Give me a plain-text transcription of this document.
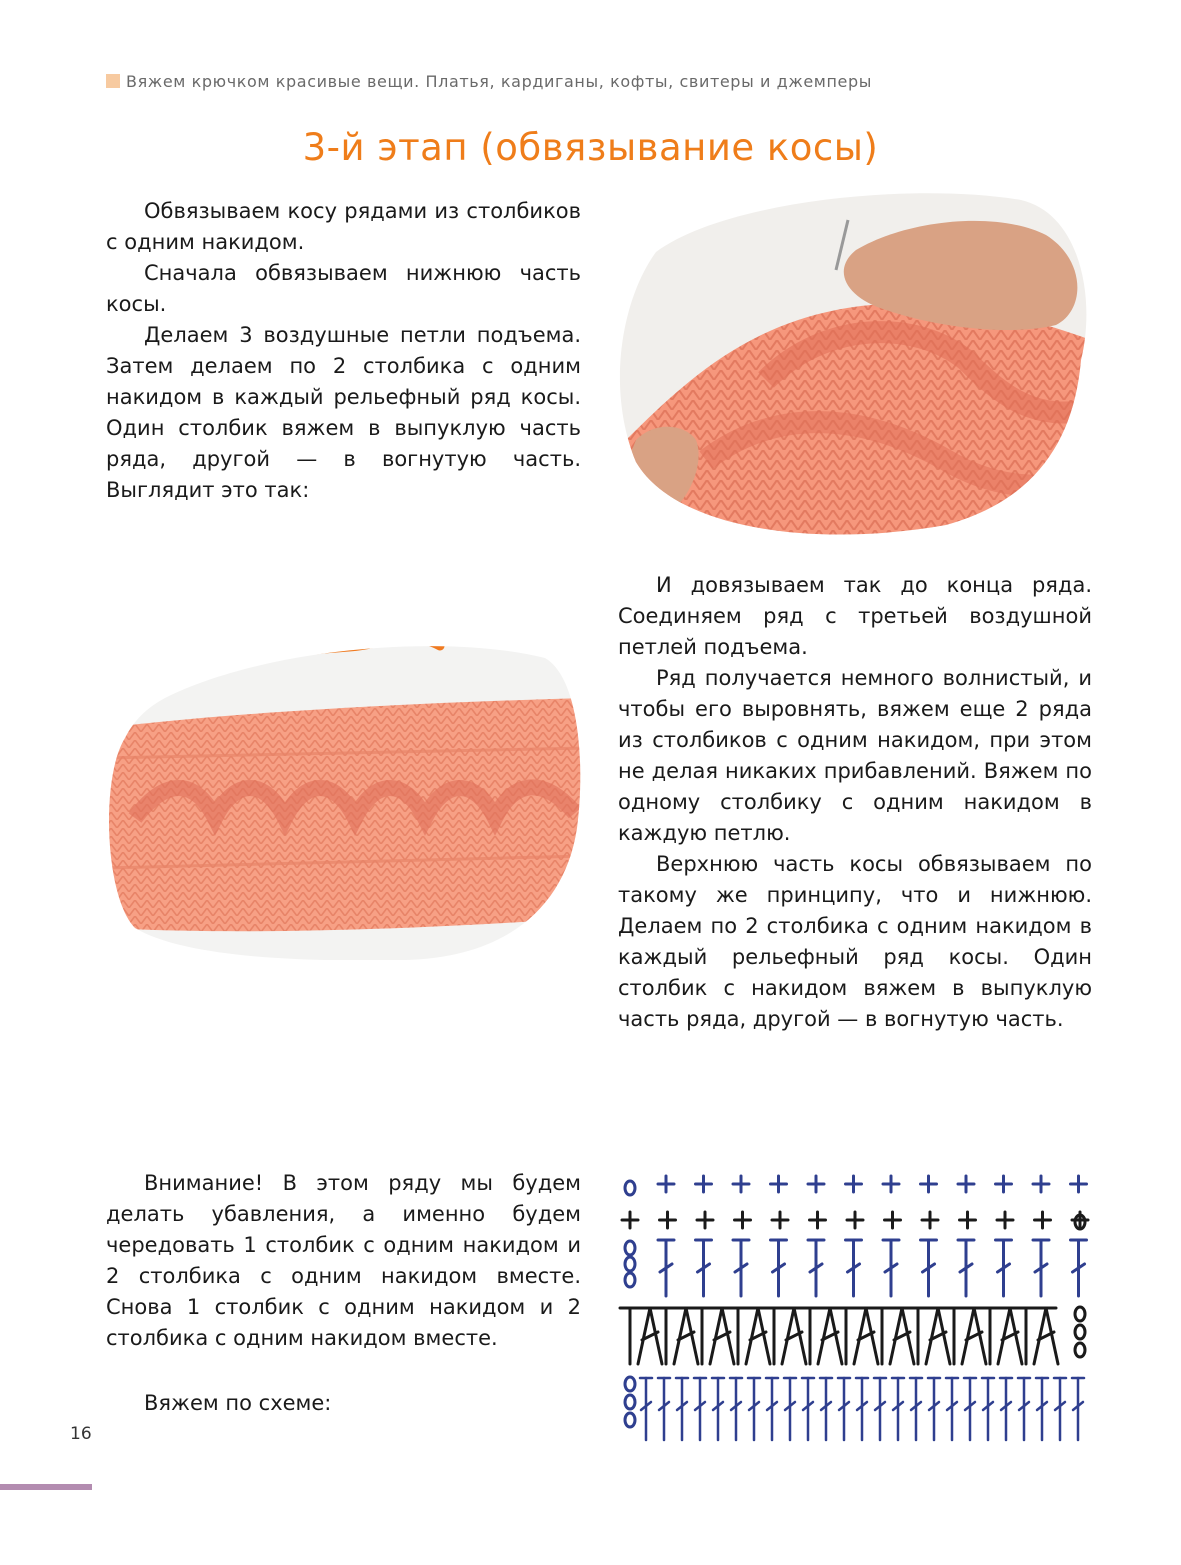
Вяжем крючком красивые вещи. Платья, кардиганы, кофты, свитеры и джемперы
3-й этап (обвязывание косы)

Обвязываем косу рядами из столбиков с одним накидом.

Сначала обвязываем нижнюю часть косы.

Делаем 3 воздушные петли подъема. Затем делаем по 2 столбика с одним накидом в каждый рельефный ряд косы. Один столбик вяжем в выпуклую часть ряда, другой — в вогнутую часть. Выглядит это так:

И довязываем так до конца ряда. Соединяем ряд с третьей воздушной петлей подъема.

Ряд получается немного волнистый, и чтобы его выровнять, вяжем еще 2 ряда из столбиков с одним накидом, при этом не делая никаких прибавлений. Вяжем по одному столбику с одним накидом в каждую петлю.

Верхнюю часть косы обвязываем по такому же принципу, что и нижнюю. Делаем по 2 столбика с одним накидом в каждый рельефный ряд косы. Один столбик с накидом вяжем в выпуклую часть ряда, другой — в вогнутую часть.

Внимание! В этом ряду мы будем делать убавления, а именно будем чередовать 1 столбик с одним накидом и 2 столбика с одним накидом вместе. Снова 1 столбик с одним накидом и 2 столбика с одним накидом вместе.

Вяжем по схеме:

16
